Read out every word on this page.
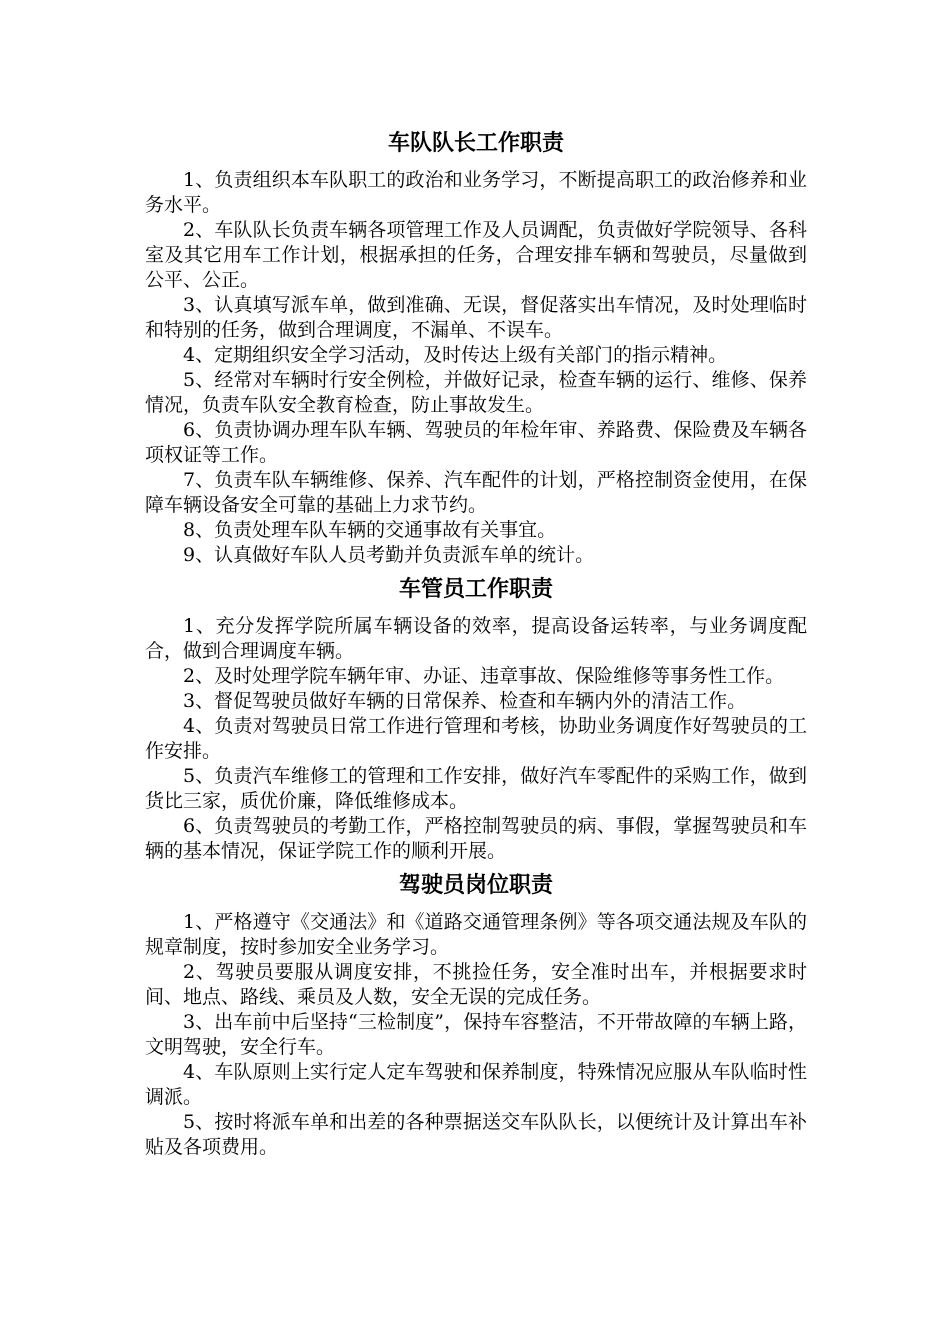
车队队长工作职责

1、负责组织本车队职工的政治和业务学习，不断提高职工的政治修养和业务水平。

2、车队队长负责车辆各项管理工作及人员调配，负责做好学院领导、各科室及其它用车工作计划，根据承担的任务，合理安排车辆和驾驶员，尽量做到公平、公正。

3、认真填写派车单，做到准确、无误，督促落实出车情况，及时处理临时和特别的任务，做到合理调度，不漏单、不误车。

4、定期组织安全学习活动，及时传达上级有关部门的指示精神。

5、经常对车辆时行安全例检，并做好记录，检查车辆的运行、维修、保养情况，负责车队安全教育检查，防止事故发生。

6、负责协调办理车队车辆、驾驶员的年检年审、养路费、保险费及车辆各项权证等工作。

7、负责车队车辆维修、保养、汽车配件的计划，严格控制资金使用，在保障车辆设备安全可靠的基础上力求节约。

8、负责处理车队车辆的交通事故有关事宜。

9、认真做好车队人员考勤并负责派车单的统计。

车管员工作职责

1、充分发挥学院所属车辆设备的效率，提高设备运转率，与业务调度配合，做到合理调度车辆。

2、及时处理学院车辆年审、办证、违章事故、保险维修等事务性工作。

3、督促驾驶员做好车辆的日常保养、检查和车辆内外的清洁工作。

4、负责对驾驶员日常工作进行管理和考核，协助业务调度作好驾驶员的工作安排。

5、负责汽车维修工的管理和工作安排，做好汽车零配件的采购工作，做到货比三家，质优价廉，降低维修成本。

6、负责驾驶员的考勤工作，严格控制驾驶员的病、事假，掌握驾驶员和车辆的基本情况，保证学院工作的顺利开展。

驾驶员岗位职责

1、严格遵守《交通法》和《道路交通管理条例》等各项交通法规及车队的规章制度，按时参加安全业务学习。

2、驾驶员要服从调度安排，不挑捡任务，安全准时出车，并根据要求时间、地点、路线、乘员及人数，安全无误的完成任务。

3、出车前中后坚持“三检制度”，保持车容整洁，不开带故障的车辆上路，文明驾驶，安全行车。

4、车队原则上实行定人定车驾驶和保养制度，特殊情况应服从车队临时性调派。

5、按时将派车单和出差的各种票据送交车队队长，以便统计及计算出车补贴及各项费用。
